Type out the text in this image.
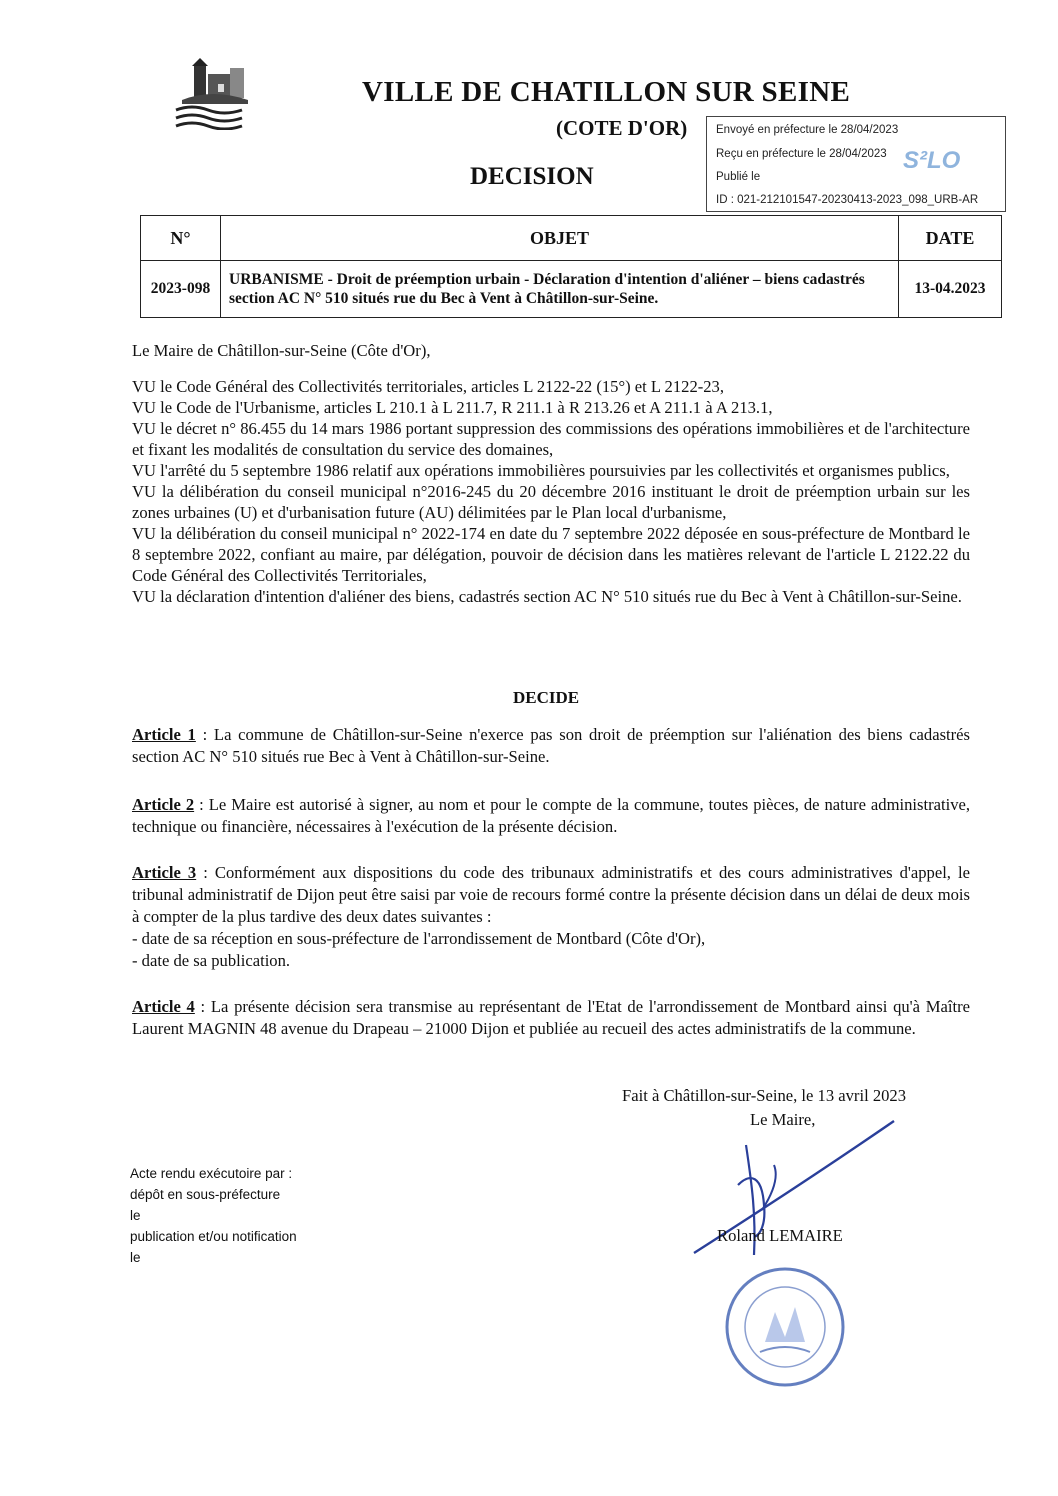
VILLE DE CHATILLON SUR SEINE
(COTE D'OR)
DECISION
Envoyé en préfecture le 28/04/2023
Reçu en préfecture le 28/04/2023
Publié le
ID : 021-212101547-20230413-2023_098_URB-AR
S²LO
N°	OBJET	DATE
2023-098	URBANISME - Droit de préemption urbain - Déclaration d'intention d'aliéner – biens cadastrés section AC N° 510 situés rue du Bec à Vent à Châtillon-sur-Seine.	13-04.2023
Le Maire de Châtillon-sur-Seine (Côte d'Or),

VU le Code Général des Collectivités territoriales, articles L 2122-22 (15°) et L 2122-23,

VU le Code de l'Urbanisme, articles L 210.1 à L 211.7, R 211.1 à R 213.26 et A 211.1 à A 213.1,

VU le décret n° 86.455 du 14 mars 1986 portant suppression des commissions des opérations immobilières et de l'architecture et fixant les modalités de consultation du service des domaines,

VU l'arrêté du 5 septembre 1986 relatif aux opérations immobilières poursuivies par les collectivités et organismes publics,

VU la délibération du conseil municipal n°2016-245 du 20 décembre 2016 instituant le droit de préemption urbain sur les zones urbaines (U) et d'urbanisation future (AU) délimitées par le Plan local d'urbanisme,

VU la délibération du conseil municipal n° 2022-174 en date du 7 septembre 2022 déposée en sous-préfecture de Montbard le 8 septembre 2022, confiant au maire, par délégation, pouvoir de décision dans les matières relevant de l'article L 2122.22 du Code Général des Collectivités Territoriales,

VU la déclaration d'intention d'aliéner des biens, cadastrés section AC N° 510 situés rue du Bec à Vent à Châtillon-sur-Seine.

DECIDE

Article 1 : La commune de Châtillon-sur-Seine n'exerce pas son droit de préemption sur l'aliénation des biens cadastrés section AC N° 510 situés rue Bec à Vent à Châtillon-sur-Seine.

Article 2 : Le Maire est autorisé à signer, au nom et pour le compte de la commune, toutes pièces, de nature administrative, technique ou financière, nécessaires à l'exécution de la présente décision.

Article 3 : Conformément aux dispositions du code des tribunaux administratifs et des cours administratives d'appel, le tribunal administratif de Dijon peut être saisi par voie de recours formé contre la présente décision dans un délai de deux mois à compter de la plus tardive des deux dates suivantes :

- date de sa réception en sous-préfecture de l'arrondissement de Montbard (Côte d'Or),

- date de sa publication.

Article 4 : La présente décision sera transmise au représentant de l'Etat de l'arrondissement de Montbard ainsi qu'à Maître Laurent MAGNIN 48 avenue du Drapeau – 21000 Dijon et publiée au recueil des actes administratifs de la commune.

Fait à Châtillon-sur-Seine, le 13 avril 2023
Le Maire,
Roland LEMAIRE
Acte rendu exécutoire par :
dépôt en sous-préfecture
le
publication et/ou notification
le
